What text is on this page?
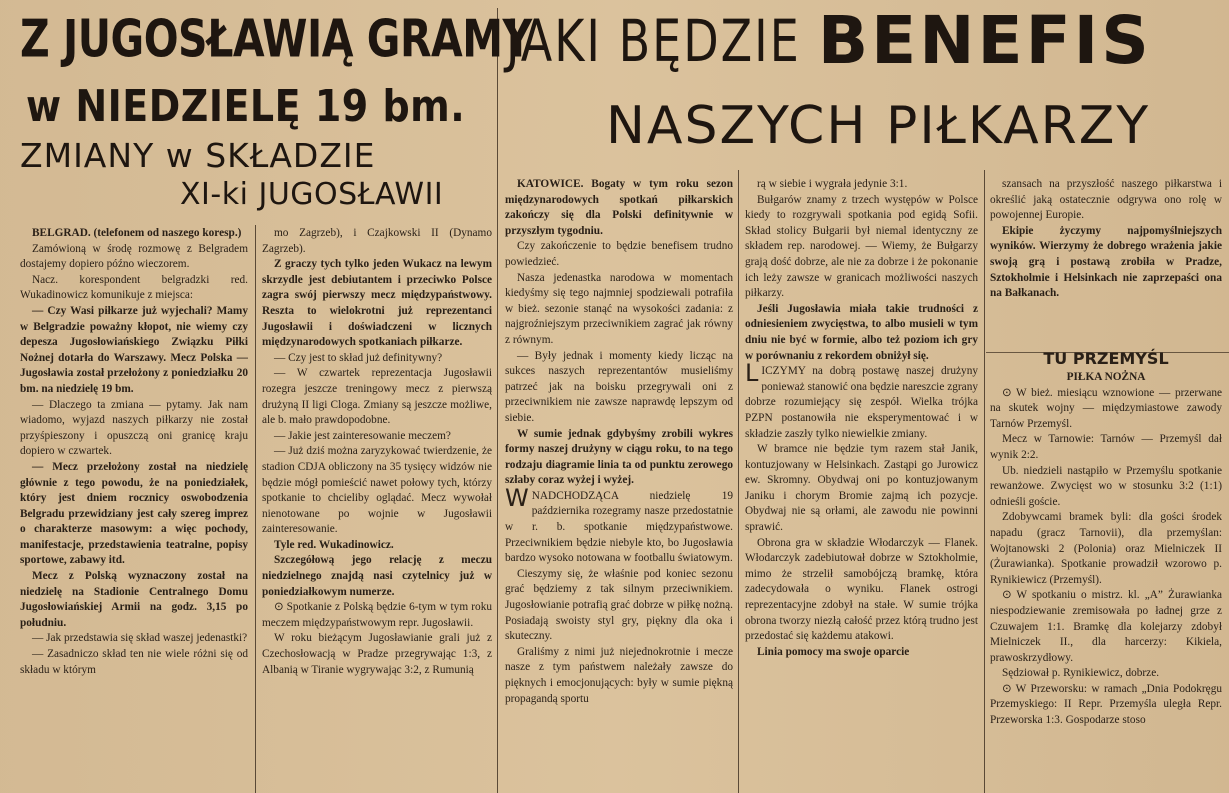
Z JUGOSŁAWIĄ GRAMY
w NIEDZIELĘ 19 bm.
ZMIANY w SKŁADZIE
XI-ki JUGOSŁAWII
JAKI BĘDZIE BENEFIS
NASZYCH PIŁKARZY

BELGRAD. (telefonem od naszego koresp.)

Zamówioną w środę rozmowę z Belgradem dostajemy dopiero późno wieczorem.

Nacz. korespondent belgradzki red. Wukadinowicz komunikuje z miejsca:

— Czy Wasi piłkarze już wyjechali? Mamy w Belgradzie poważny kłopot, nie wiemy czy depesza Jugosłowiańskiego Związku Piłki Nożnej dotarła do Warszawy. Mecz Polska — Jugosławia został przełożony z poniedziałku 20 bm. na niedzielę 19 bm.

— Dlaczego ta zmiana — pytamy. Jak nam wiadomo, wyjazd naszych piłkarzy nie został przyśpieszony i opuszczą oni granicę kraju dopiero w czwartek.

— Mecz przełożony został na niedzielę głównie z tego powodu, że na poniedziałek, który jest dniem rocznicy oswobodzenia Belgradu przewidziany jest cały szereg imprez o charakterze masowym: a więc pochody, manifestacje, przedstawienia teatralne, popisy sportowe, zabawy itd.

Mecz z Polską wyznaczony został na niedzielę na Stadionie Centralnego Domu Jugosłowiańskiej Armii na godz. 3,15 po południu.

— Jak przedstawia się skład waszej jedenastki?

— Zasadniczo skład ten nie wiele różni się od składu w którym

mo Zagrzeb), i Czajkowski II (Dynamo Zagrzeb).

Z graczy tych tylko jeden Wukacz na lewym skrzydle jest debiutantem i przeciwko Polsce zagra swój pierwszy mecz międzypaństwowy. Reszta to wielokrotni już reprezentanci Jugosławii i doświadczeni w licznych międzynarodowych spotkaniach piłkarze.

— Czy jest to skład już definitywny?

— W czwartek reprezentacja Jugosławii rozegra jeszcze treningowy mecz z pierwszą drużyną II ligi Cloga. Zmiany są jeszcze możliwe, ale b. mało prawdopodobne.

— Jakie jest zainteresowanie meczem?

— Już dziś można zaryzykować twierdzenie, że stadion CDJA obliczony na 35 tysięcy widzów nie będzie mógł pomieścić nawet połowy tych, którzy spotkanie to chcieliby oglądać. Mecz wywołał nienotowane po wojnie w Jugosławii zainteresowanie.

Tyle red. Wukadinowicz.

Szczegółową jego relację z meczu niedzielnego znajdą nasi czytelnicy już w poniedziałkowym numerze.

⊙ Spotkanie z Polską będzie 6-tym w tym roku meczem międzypaństwowym repr. Jugosławii.

W roku bieżącym Jugosławianie grali już z Czechosłowacją w Pradze przegrywając 1:3, z Albanią w Tiranie wygrywając 3:2, z Rumunią

KATOWICE. Bogaty w tym roku sezon międzynarodowych spotkań piłkarskich zakończy się dla Polski definitywnie w przyszłym tygodniu.

Czy zakończenie to będzie benefisem trudno powiedzieć.

Nasza jedenastka narodowa w momentach kiedyśmy się tego najmniej spodziewali potrafiła w bież. sezonie stanąć na wysokości zadania: z najgroźniejszym przeciwnikiem zagrać jak równy z równym.

— Były jednak i momenty kiedy licząc na sukces naszych reprezentantów musieliśmy patrzeć jak na boisku przegrywali oni z przeciwnikiem nie zawsze naprawdę lepszym od siebie.

W sumie jednak gdybyśmy zrobili wykres formy naszej drużyny w ciągu roku, to na tego rodzaju diagramie linia ta od punktu zerowego szłaby coraz wyżej i wyżej.

WNADCHODZĄCA niedzielę 19 października rozegramy nasze przedostatnie w r. b. spotkanie międzypaństwowe. Przeciwnikiem będzie niebyle kto, bo Jugosławia bardzo wysoko notowana w footballu światowym.

Cieszymy się, że właśnie pod koniec sezonu grać będziemy z tak silnym przeciwnikiem. Jugosłowianie potrafią grać dobrze w piłkę nożną. Posiadają swoisty styl gry, piękny dla oka i skuteczny.

Graliśmy z nimi już niejednokrotnie i mecze nasze z tym państwem należały zawsze do pięknych i emocjonujących: były w sumie piękną propagandą sportu

rą w siebie i wygrała jedynie 3:1.

Bułgarów znamy z trzech występów w Polsce kiedy to rozgrywali spotkania pod egidą Sofii. Skład stolicy Bułgarii był niemal identyczny ze składem rep. narodowej. — Wiemy, że Bułgarzy grają dość dobrze, ale nie za dobrze i że pokonanie ich leży zawsze w granicach możliwości naszych piłkarzy.

Jeśli Jugosławia miała takie trudności z odniesieniem zwycięstwa, to albo musieli w tym dniu nie być w formie, albo też poziom ich gry w porównaniu z rekordem obniżył się.

LICZYMY na dobrą postawę naszej drużyny ponieważ stanowić ona będzie nareszcie zgrany dobrze rozumiejący się zespół. Wielka trójka PZPN postanowiła nie eksperymentować i w składzie zaszły tylko niewielkie zmiany.

W bramce nie będzie tym razem stał Janik, kontuzjowany w Helsinkach. Zastąpi go Jurowicz ew. Skromny. Obydwaj oni po kontuzjowanym Janiku i chorym Bromie zajmą ich pozycje. Obydwaj nie są orłami, ale zawodu nie powinni sprawić.

Obrona gra w składzie Włodarczyk — Flanek. Włodarczyk zadebiutował dobrze w Sztokholmie, mimo że strzelił samobójczą bramkę, która zadecydowała o wyniku. Flanek ostrogi reprezentacyjne zdobył na stałe. W sumie trójka obrona tworzy niezłą całość przez którą trudno jest przedostać się każdemu atakowi.

Linia pomocy ma swoje oparcie

szansach na przyszłość naszego piłkarstwa i określić jaką ostatecznie odgrywa ono rolę w powojennej Europie.

Ekipie życzymy najpomyślniejszych wyników. Wierzymy że dobrego wrażenia jakie swoją grą i postawą zrobiła w Pradze, Sztokholmie i Helsinkach nie zaprzepaści ona na Bałkanach.

TU PRZEMYŚL

PIŁKA NOŻNA

⊙ W bież. miesiącu wznowione — przerwane na skutek wojny — międzymiastowe zawody Tarnów Przemyśl.

Mecz w Tarnowie: Tarnów — Przemyśl dał wynik 2:2.

Ub. niedzieli nastąpiło w Przemyślu spotkanie rewanżowe. Zwycięst wo w stosunku 3:2 (1:1) odnieśli goście.

Zdobywcami bramek byli: dla gości środek napadu (gracz Tarnovii), dla przemyślan: Wojtanowski 2 (Polonia) oraz Mielniczek II (Żurawianka). Spotkanie prowadził wzorowo p. Rynikiewicz (Przemyśl).

⊙ W spotkaniu o mistrz. kl. „A” Żurawianka niespodziewanie zremisowała po ładnej grze z Czuwajem 1:1. Bramkę dla kolejarzy zdobył Mielniczek II., dla harcerzy: Kikiela, prawoskrzydłowy.

Sędziował p. Rynikiewicz, dobrze.

⊙ W Przeworsku: w ramach „Dnia Podokręgu Przemyskiego: II Repr. Przemyśla uległa Repr. Przeworska 1:3. Gospodarze stoso
